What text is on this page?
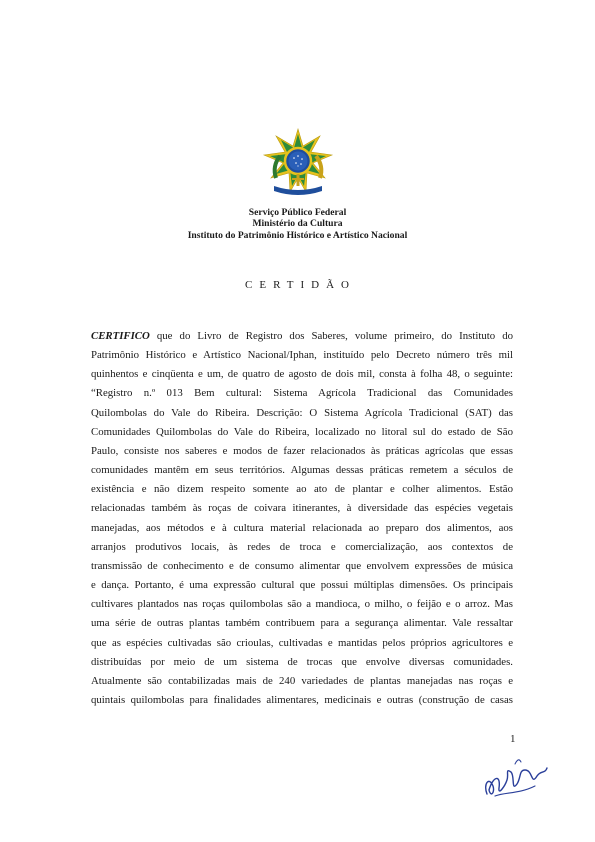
Serviço Público Federal
Ministério da Cultura
Instituto do Patrimônio Histórico e Artístico Nacional
CERTIDÃO
CERTIFICO que do Livro de Registro dos Saberes, volume primeiro, do Instituto do
Patrimônio Histórico e Artístico Nacional/Iphan, instituído pelo Decreto número três mil
quinhentos e cinqüenta e um, de quatro de agosto de dois mil, consta à folha 48, o seguinte:
“Registro n.º 013 Bem cultural: Sistema Agrícola Tradicional das Comunidades
Quilombolas do Vale do Ribeira. Descrição: O Sistema Agrícola Tradicional (SAT) das
Comunidades Quilombolas do Vale do Ribeira, localizado no litoral sul do estado de São
Paulo, consiste nos saberes e modos de fazer relacionados às práticas agrícolas que essas
comunidades mantêm em seus territórios. Algumas dessas práticas remetem a séculos de
existência e não dizem respeito somente ao ato de plantar e colher alimentos. Estão
relacionadas também às roças de coivara itinerantes, à diversidade das espécies vegetais
manejadas, aos métodos e à cultura material relacionada ao preparo dos alimentos, aos
arranjos produtivos locais, às redes de troca e comercialização, aos contextos de
transmissão de conhecimento e de consumo alimentar que envolvem expressões de música
e dança. Portanto, é uma expressão cultural que possui múltiplas dimensões. Os principais
cultivares plantados nas roças quilombolas são a mandioca, o milho, o feijão e o arroz. Mas
uma série de outras plantas também contribuem para a segurança alimentar. Vale ressaltar
que as espécies cultivadas são crioulas, cultivadas e mantidas pelos próprios agricultores e
distribuídas por meio de um sistema de trocas que envolve diversas comunidades.
Atualmente são contabilizadas mais de 240 variedades de plantas manejadas nas roças e
quintais quilombolas para finalidades alimentares, medicinais e outras (construção de casas
1
